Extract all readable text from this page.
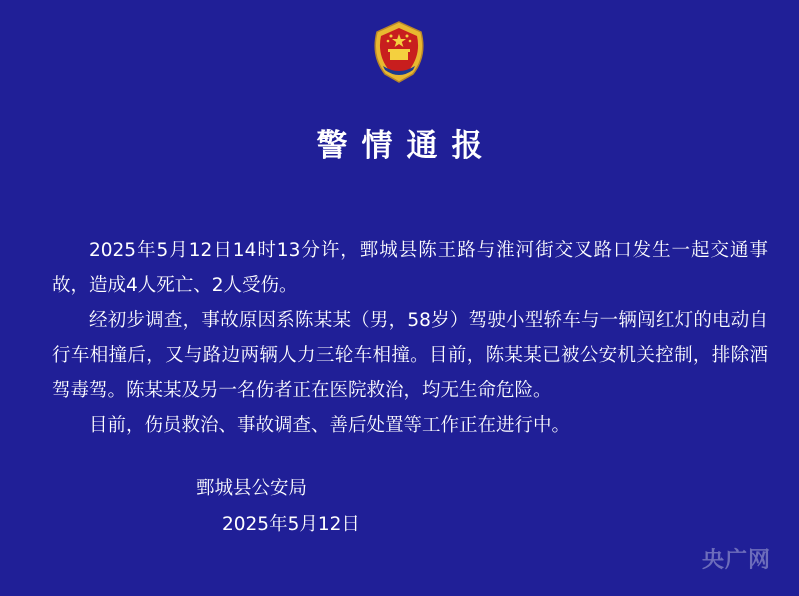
警情通报

2025年5月12日14时13分许，鄄城县陈王路与淮河街交叉路口发生一起交通事故，造成4人死亡、2人受伤。

经初步调查，事故原因系陈某某（男，58岁）驾驶小型轿车与一辆闯红灯的电动自行车相撞后，又与路边两辆人力三轮车相撞。目前，陈某某已被公安机关控制，排除酒驾毒驾。陈某某及另一名伤者正在医院救治，均无生命危险。

目前，伤员救治、事故调查、善后处置等工作正在进行中。

鄄城县公安局
2025年5月12日
央广网
